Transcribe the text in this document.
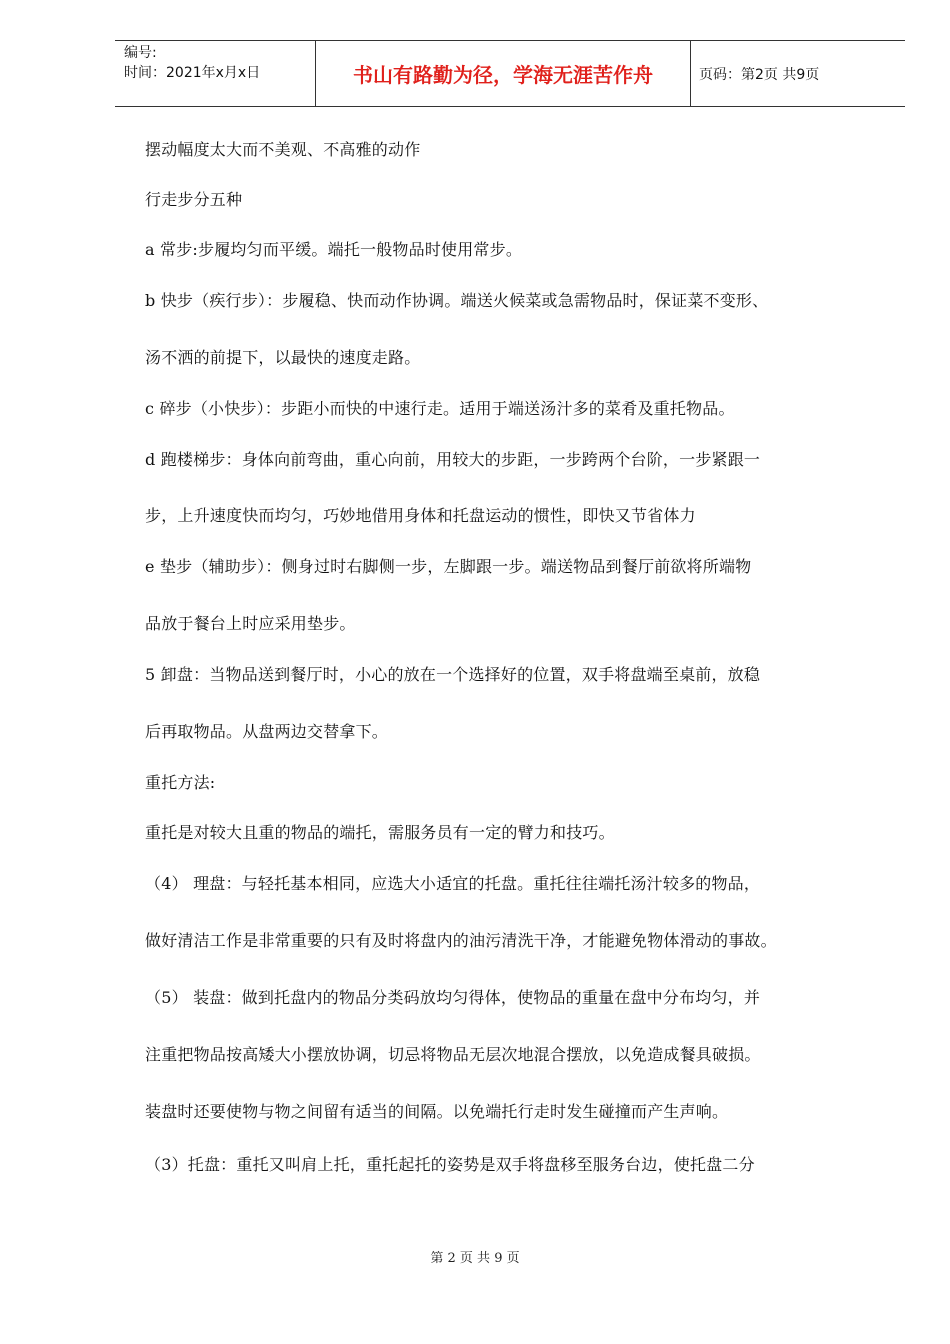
编号:
时间：2021年x月x日	书山有路勤为径，学海无涯苦作舟	页码：第2页 共9页
摆动幅度太大而不美观、不高雅的动作
行走步分五种
a 常步:步履均匀而平缓。端托一般物品时使用常步。
b 快步（疾行步）：步履稳、快而动作协调。端送火候菜或急需物品时，保证菜不变形、
汤不洒的前提下，以最快的速度走路。
c 碎步（小快步）：步距小而快的中速行走。适用于端送汤汁多的菜肴及重托物品。
d 跑楼梯步：身体向前弯曲，重心向前，用较大的步距，一步跨两个台阶，一步紧跟一
步，上升速度快而均匀，巧妙地借用身体和托盘运动的惯性，即快又节省体力
e 垫步（辅助步）：侧身过时右脚侧一步，左脚跟一步。端送物品到餐厅前欲将所端物
品放于餐台上时应采用垫步。
5 卸盘：当物品送到餐厅时，小心的放在一个选择好的位置，双手将盘端至桌前，放稳
后再取物品。从盘两边交替拿下。
重托方法:
重托是对较大且重的物品的端托，需服务员有一定的臂力和技巧。
（4） 理盘：与轻托基本相同，应选大小适宜的托盘。重托往往端托汤汁较多的物品，
做好清洁工作是非常重要的只有及时将盘内的油污清洗干净，才能避免物体滑动的事故。
（5） 装盘：做到托盘内的物品分类码放均匀得体，使物品的重量在盘中分布均匀，并
注重把物品按高矮大小摆放协调，切忌将物品无层次地混合摆放，以免造成餐具破损。
装盘时还要使物与物之间留有适当的间隔。以免端托行走时发生碰撞而产生声响。
（3）托盘：重托又叫肩上托，重托起托的姿势是双手将盘移至服务台边，使托盘二分
第 2 页 共 9 页
